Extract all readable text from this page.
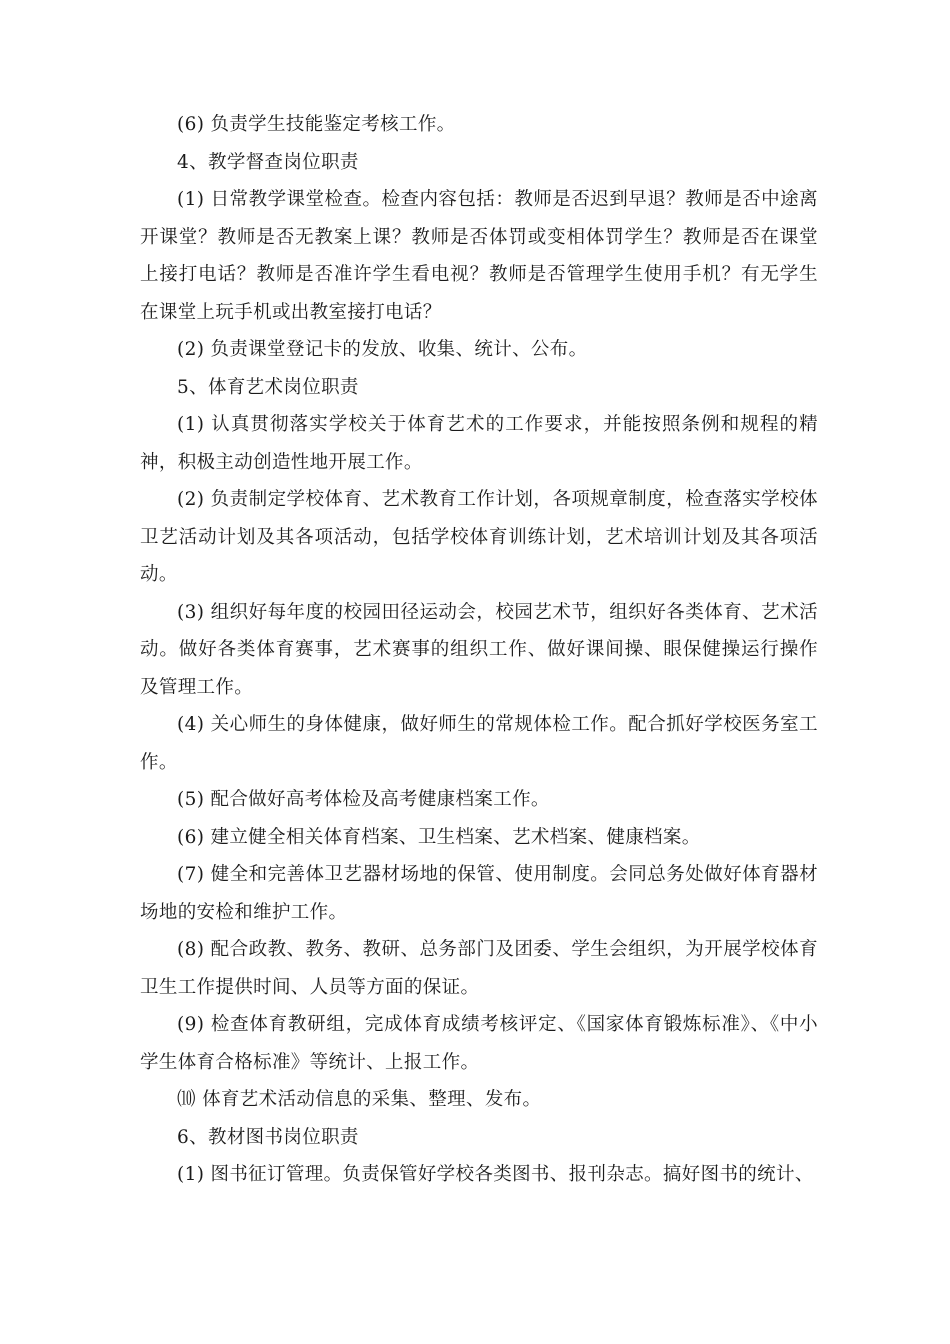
(6) 负责学生技能鉴定考核工作。

4、教学督查岗位职责

(1) 日常教学课堂检查。检查内容包括：教师是否迟到早退？教师是否中途离开课堂？教师是否无教案上课？教师是否体罚或变相体罚学生？教师是否在课堂上接打电话？教师是否准许学生看电视？教师是否管理学生使用手机？有无学生在课堂上玩手机或出教室接打电话？

(2) 负责课堂登记卡的发放、收集、统计、公布。

5、体育艺术岗位职责

(1) 认真贯彻落实学校关于体育艺术的工作要求，并能按照条例和规程的精神，积极主动创造性地开展工作。

(2) 负责制定学校体育、艺术教育工作计划，各项规章制度，检查落实学校体卫艺活动计划及其各项活动，包括学校体育训练计划，艺术培训计划及其各项活动。

(3) 组织好每年度的校园田径运动会，校园艺术节，组织好各类体育、艺术活动。做好各类体育赛事，艺术赛事的组织工作、做好课间操、眼保健操运行操作及管理工作。

(4) 关心师生的身体健康，做好师生的常规体检工作。配合抓好学校医务室工作。

(5) 配合做好高考体检及高考健康档案工作。

(6) 建立健全相关体育档案、卫生档案、艺术档案、健康档案。

(7) 健全和完善体卫艺器材场地的保管、使用制度。会同总务处做好体育器材场地的安检和维护工作。

(8) 配合政教、教务、教研、总务部门及团委、学生会组织，为开展学校体育卫生工作提供时间、人员等方面的保证。

(9) 检查体育教研组，完成体育成绩考核评定、《国家体育锻炼标准》、《中小学生体育合格标准》等统计、上报工作。

⑽ 体育艺术活动信息的采集、整理、发布。

6、教材图书岗位职责

(1) 图书征订管理。负责保管好学校各类图书、报刊杂志。搞好图书的统计、
